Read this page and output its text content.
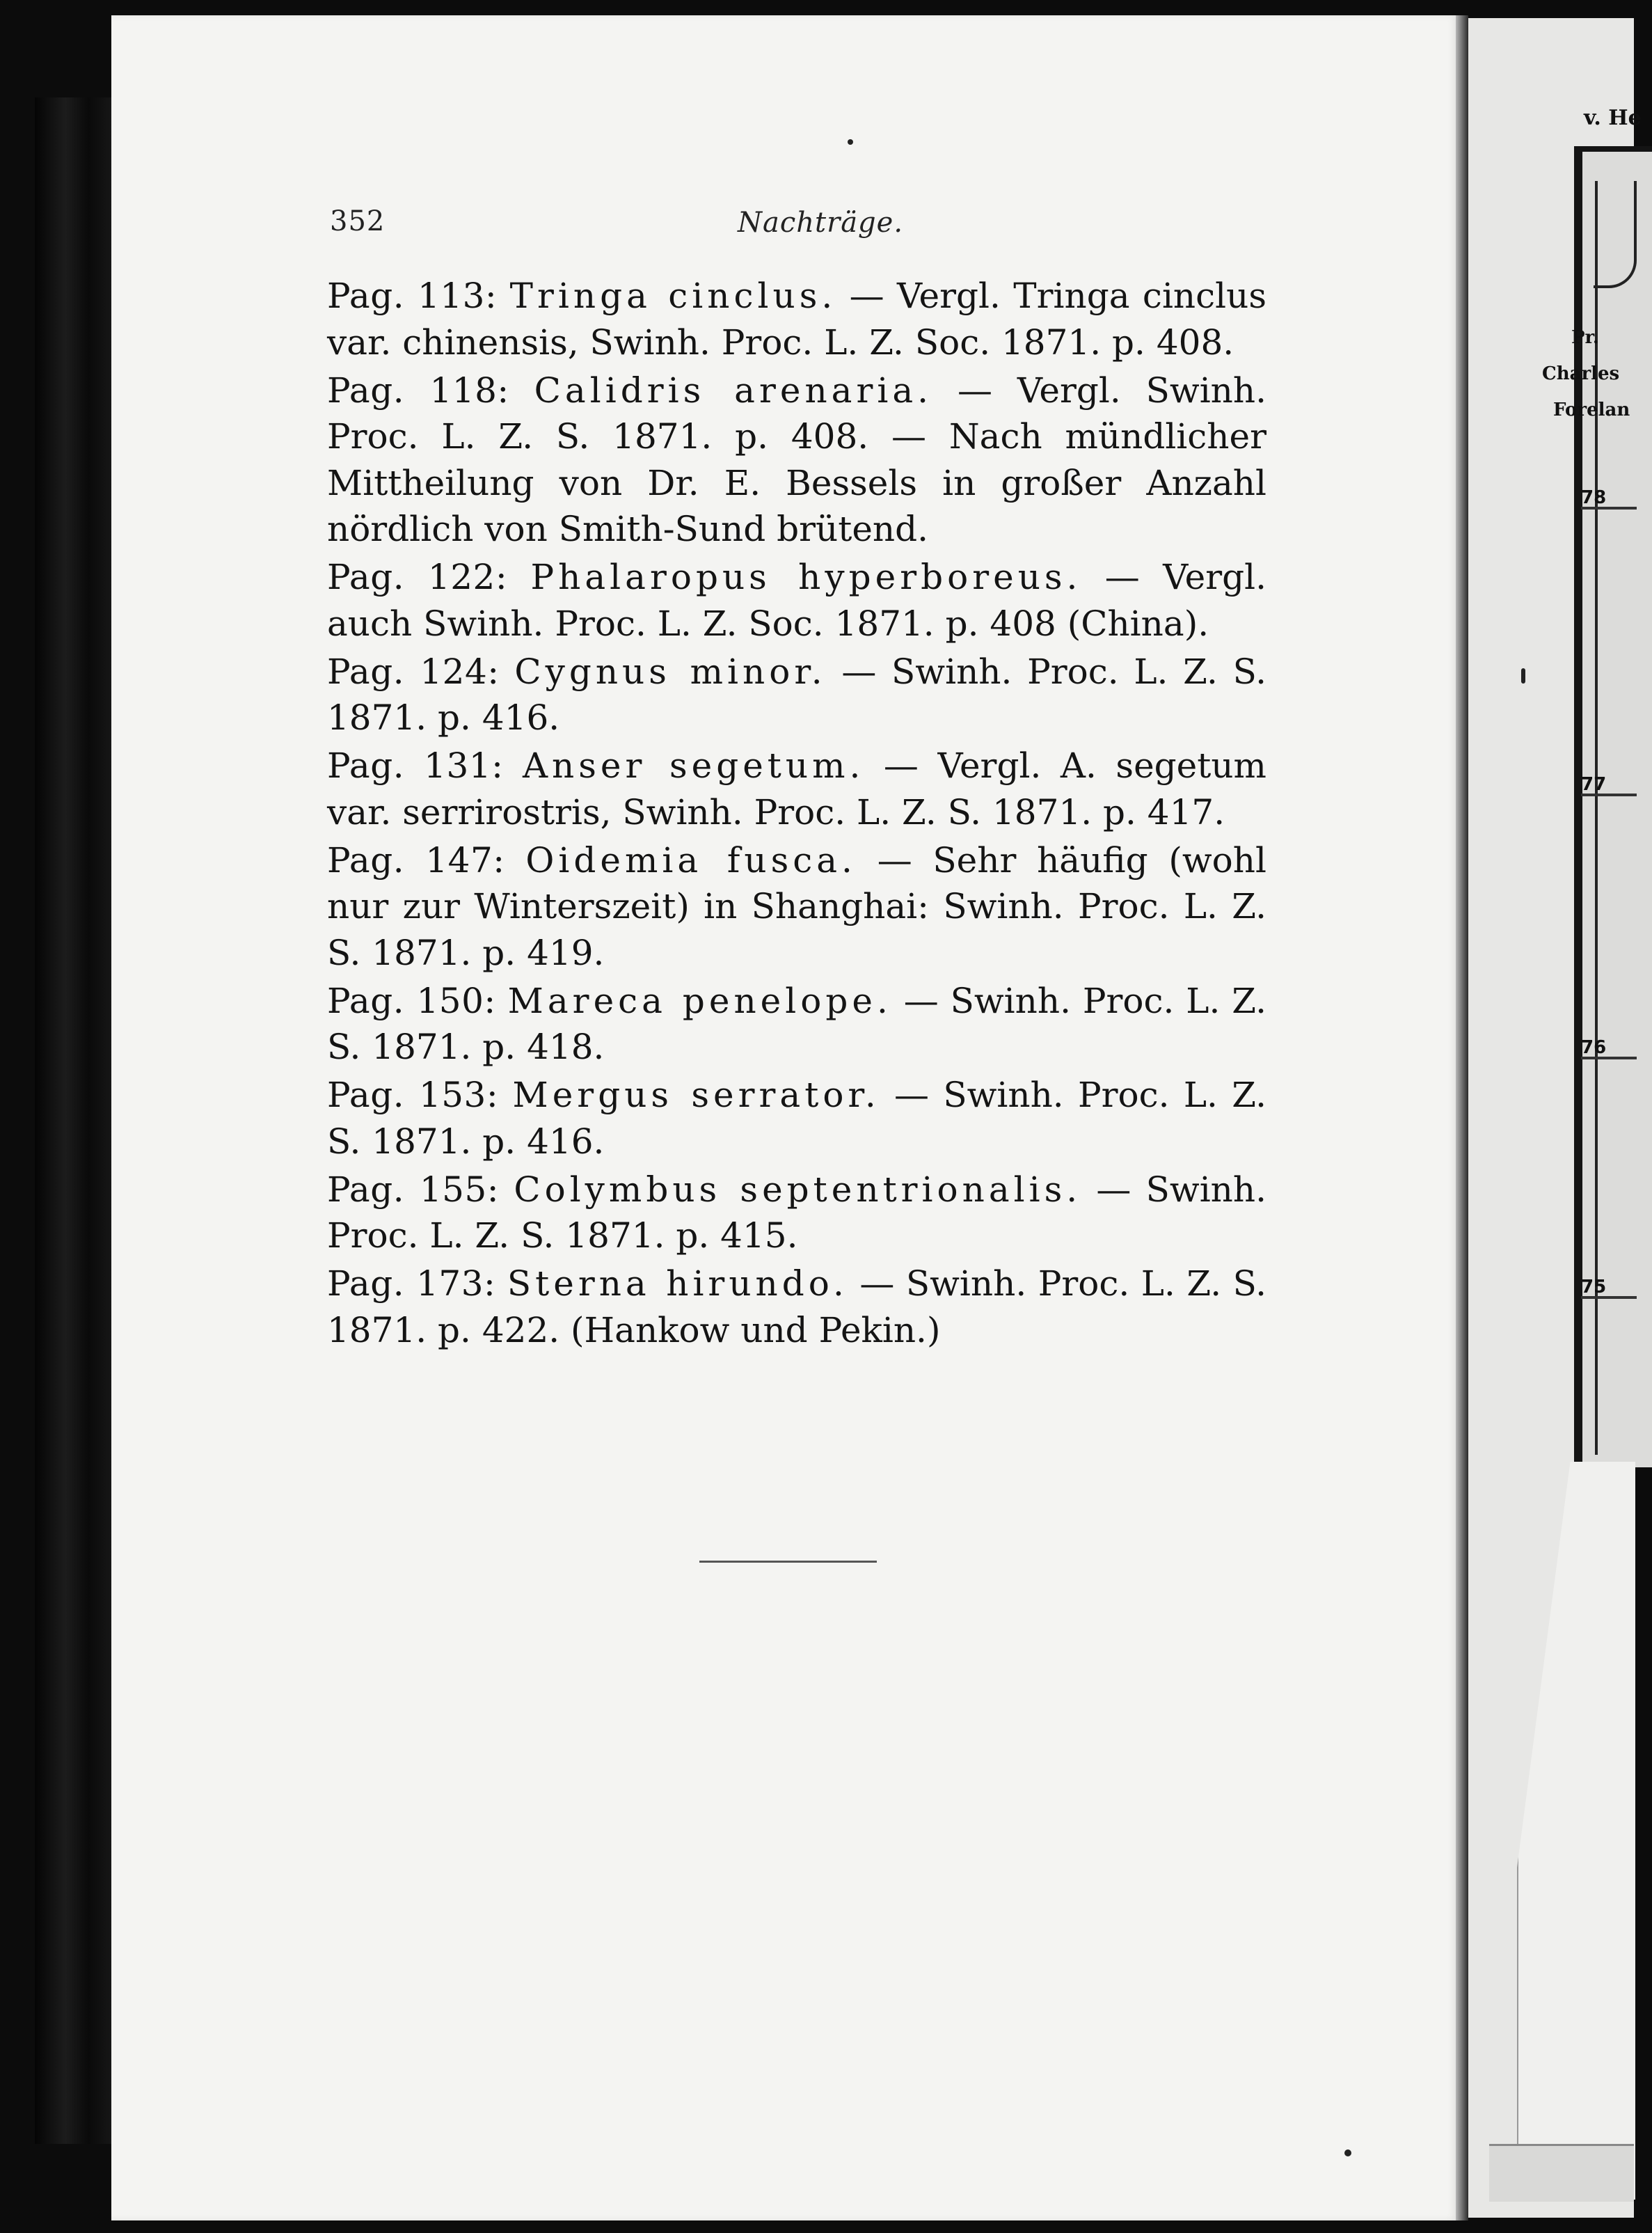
v. He
Pr.
Charles
Forelan
78
77
76
75
352	Nachträge.

Pag. 113: Tringa cinclus. — Vergl. Tringa cinclus var. chinensis, Swinh. Proc. L. Z. Soc. 1871. p. 408.

Pag. 118: Calidris arenaria. — Vergl. Swinh. Proc. L. Z. S. 1871. p. 408. — Nach mündlicher Mittheilung von Dr. E. Bessels in großer Anzahl nördlich von Smith-Sund brütend.

Pag. 122: Phalaropus hyperboreus. — Vergl. auch Swinh. Proc. L. Z. Soc. 1871. p. 408 (China).

Pag. 124: Cygnus minor. — Swinh. Proc. L. Z. S. 1871. p. 416.

Pag. 131: Anser segetum. — Vergl. A. segetum var. serrirostris, Swinh. Proc. L. Z. S. 1871. p. 417.

Pag. 147: Oidemia fusca. — Sehr häufig (wohl nur zur Winterszeit) in Shanghai: Swinh. Proc. L. Z. S. 1871. p. 419.

Pag. 150: Mareca penelope. — Swinh. Proc. L. Z. S. 1871. p. 418.

Pag. 153: Mergus serrator. — Swinh. Proc. L. Z. S. 1871. p. 416.

Pag. 155: Colymbus septentrionalis. — Swinh. Proc. L. Z. S. 1871. p. 415.

Pag. 173: Sterna hirundo. — Swinh. Proc. L. Z. S. 1871. p. 422. (Hankow und Pekin.)
